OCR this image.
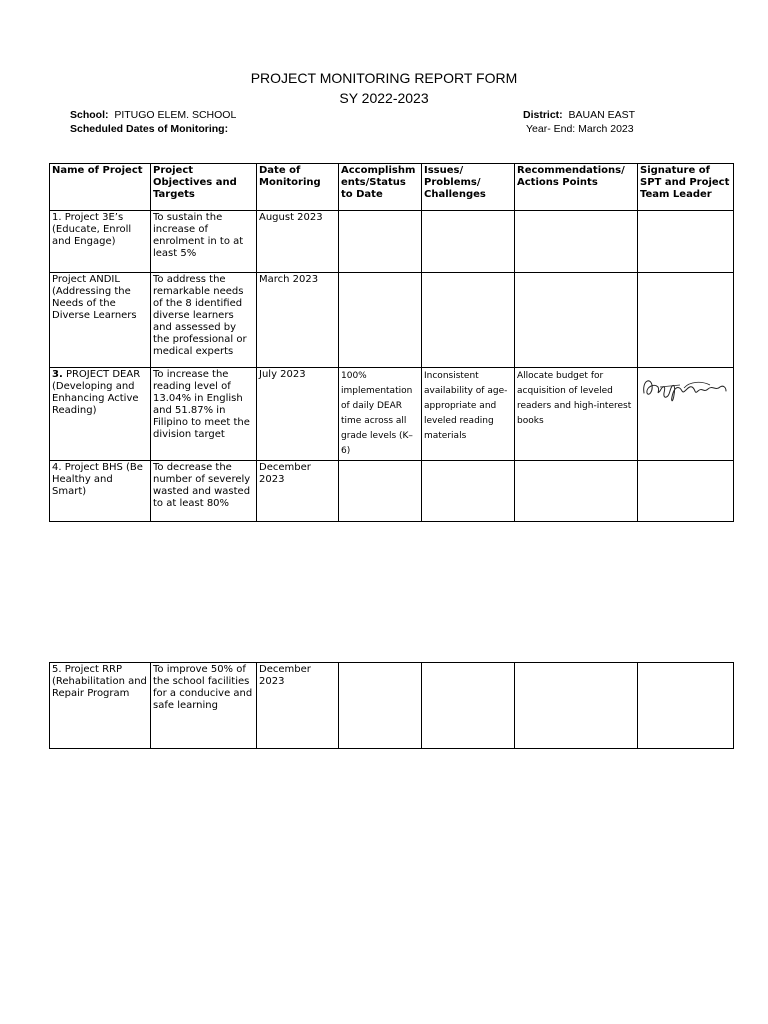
PROJECT MONITORING REPORT FORM
SY 2022-2023
School: PITUGO ELEM. SCHOOL
Scheduled Dates of Monitoring:
District: BAUAN EAST
Year- End: March 2023
Name of Project	Project Objectives and Targets	Date of Monitoring	Accomplishments/Status to Date	Issues/ Problems/ Challenges	Recommendations/ Actions Points	Signature of SPT and Project Team Leader
1. Project 3E’s (Educate, Enroll and Engage)	To sustain the increase of enrolment in to at least 5%	August 2023				
Project ANDIL (Addressing the Needs of the Diverse Learners	To address the remarkable needs of the 8 identified diverse learners and assessed by the professional or medical experts	March 2023				
3. PROJECT DEAR (Developing and Enhancing Active Reading)	To increase the reading level of 13.04% in English and 51.87% in Filipino to meet the division target	July 2023	100% implementation of daily DEAR time across all grade levels (K–6)	Inconsistent availability of age-appropriate and leveled reading materials	Allocate budget for acquisition of leveled readers and high-interest books	

4. Project BHS (Be Healthy and Smart)	To decrease the number of severely wasted and wasted to at least 80%	December 2023				
5. Project RRP (Rehabilitation and Repair Program	To improve 50% of the school facilities for a conducive and safe learning	December 2023				
